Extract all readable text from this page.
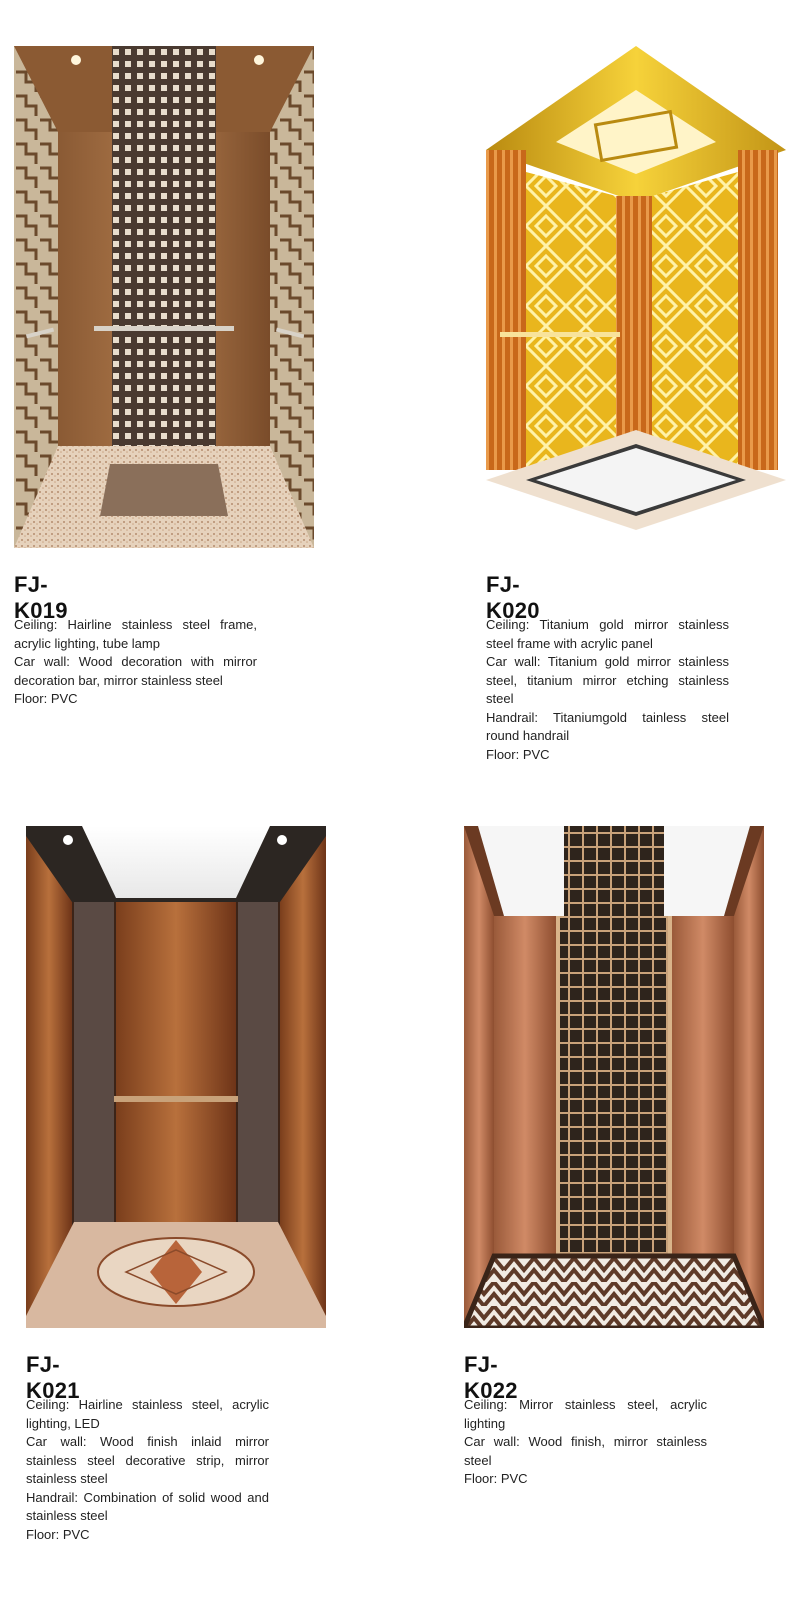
FJ-K019

Ceiling: Hairline stainless steel frame, acrylic lighting, tube lamp

Car wall: Wood decoration with mirror decoration bar, mirror stainless steel

Floor: PVC

FJ-K020

Ceiling: Titanium gold mirror stainless steel frame with acrylic panel

Car wall: Titanium gold mirror stainless steel, titanium mirror etching stainless steel

Handrail: Titaniumgold tainless steel round handrail

Floor: PVC

FJ-K021

Ceiling: Hairline stainless steel, acrylic lighting, LED

Car wall: Wood finish inlaid mirror stainless steel decorative strip, mirror stainless steel

Handrail: Combination of solid wood and stainless steel

Floor: PVC

FJ-K022

Ceiling: Mirror stainless steel, acrylic lighting

Car wall: Wood finish, mirror stainless steel

Floor: PVC
